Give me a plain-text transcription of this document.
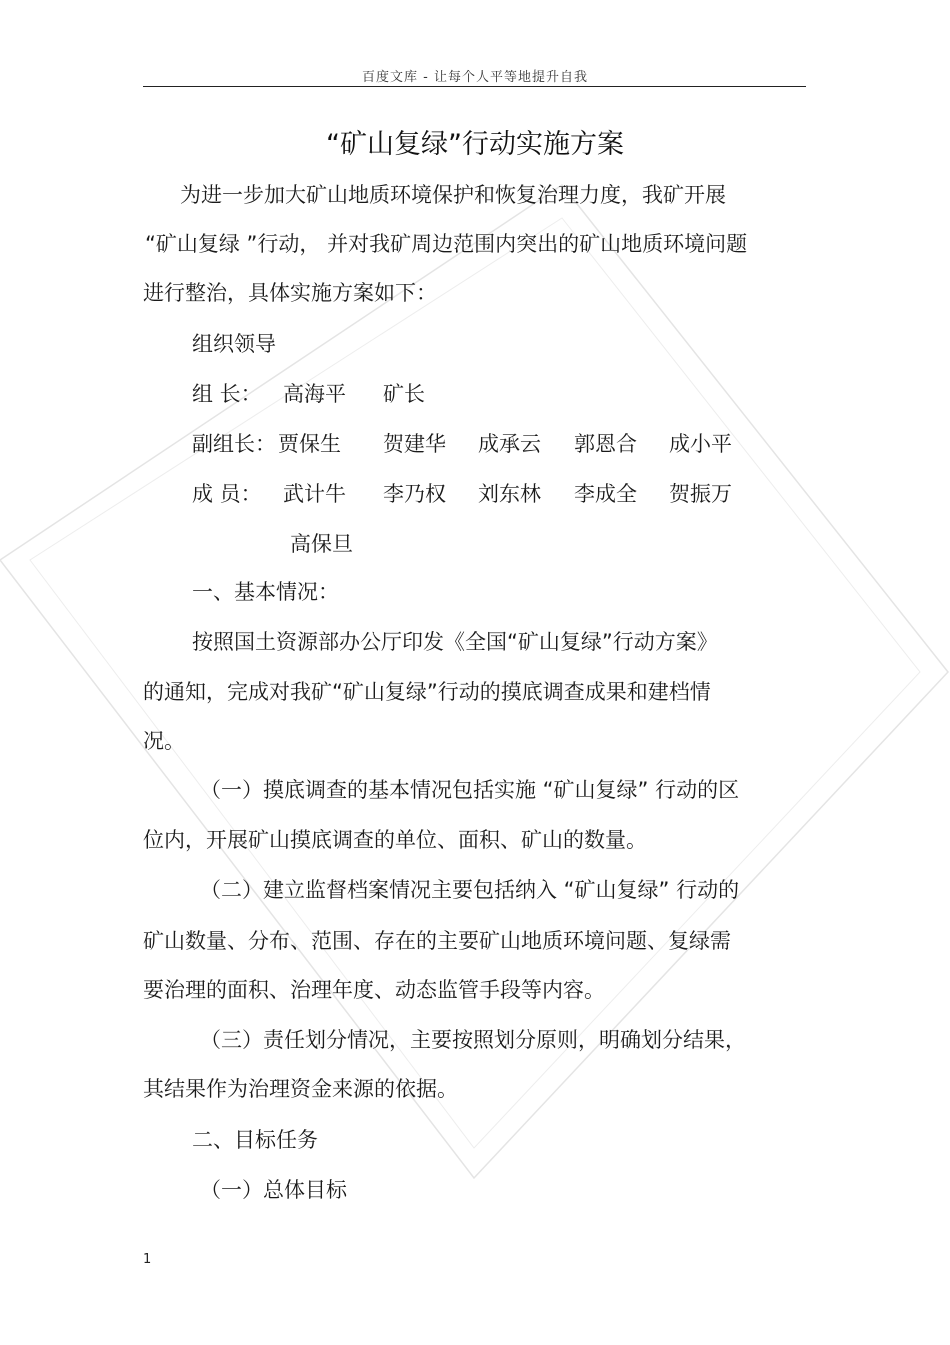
百度文库 - 让每个人平等地提升自我
“矿山复绿”行动实施方案
为进一步加大矿山地质环境保护和恢复治理力度，我矿开展
“矿山复绿 ”行动， 并对我矿周边范围内突出的矿山地质环境问题
进行整治，具体实施方案如下：
组织领导
组 长： 高海平 矿长
副组长： 贾保生 贺建华 成承云 郭恩合 成小平
成 员： 武计牛 李乃权 刘东林 李成全 贺振万
高保旦
一、基本情况：
按照国土资源部办公厅印发《全国“矿山复绿”行动方案》
的通知，完成对我矿“矿山复绿”行动的摸底调查成果和建档情
况。
（一）摸底调查的基本情况包括实施 “矿山复绿” 行动的区
位内，开展矿山摸底调查的单位、面积、矿山的数量。
（二）建立监督档案情况主要包括纳入 “矿山复绿” 行动的
矿山数量、分布、范围、存在的主要矿山地质环境问题、复绿需
要治理的面积、治理年度、动态监管手段等内容。
（三）责任划分情况，主要按照划分原则，明确划分结果，
其结果作为治理资金来源的依据。
二、目标任务
（一）总体目标
1
